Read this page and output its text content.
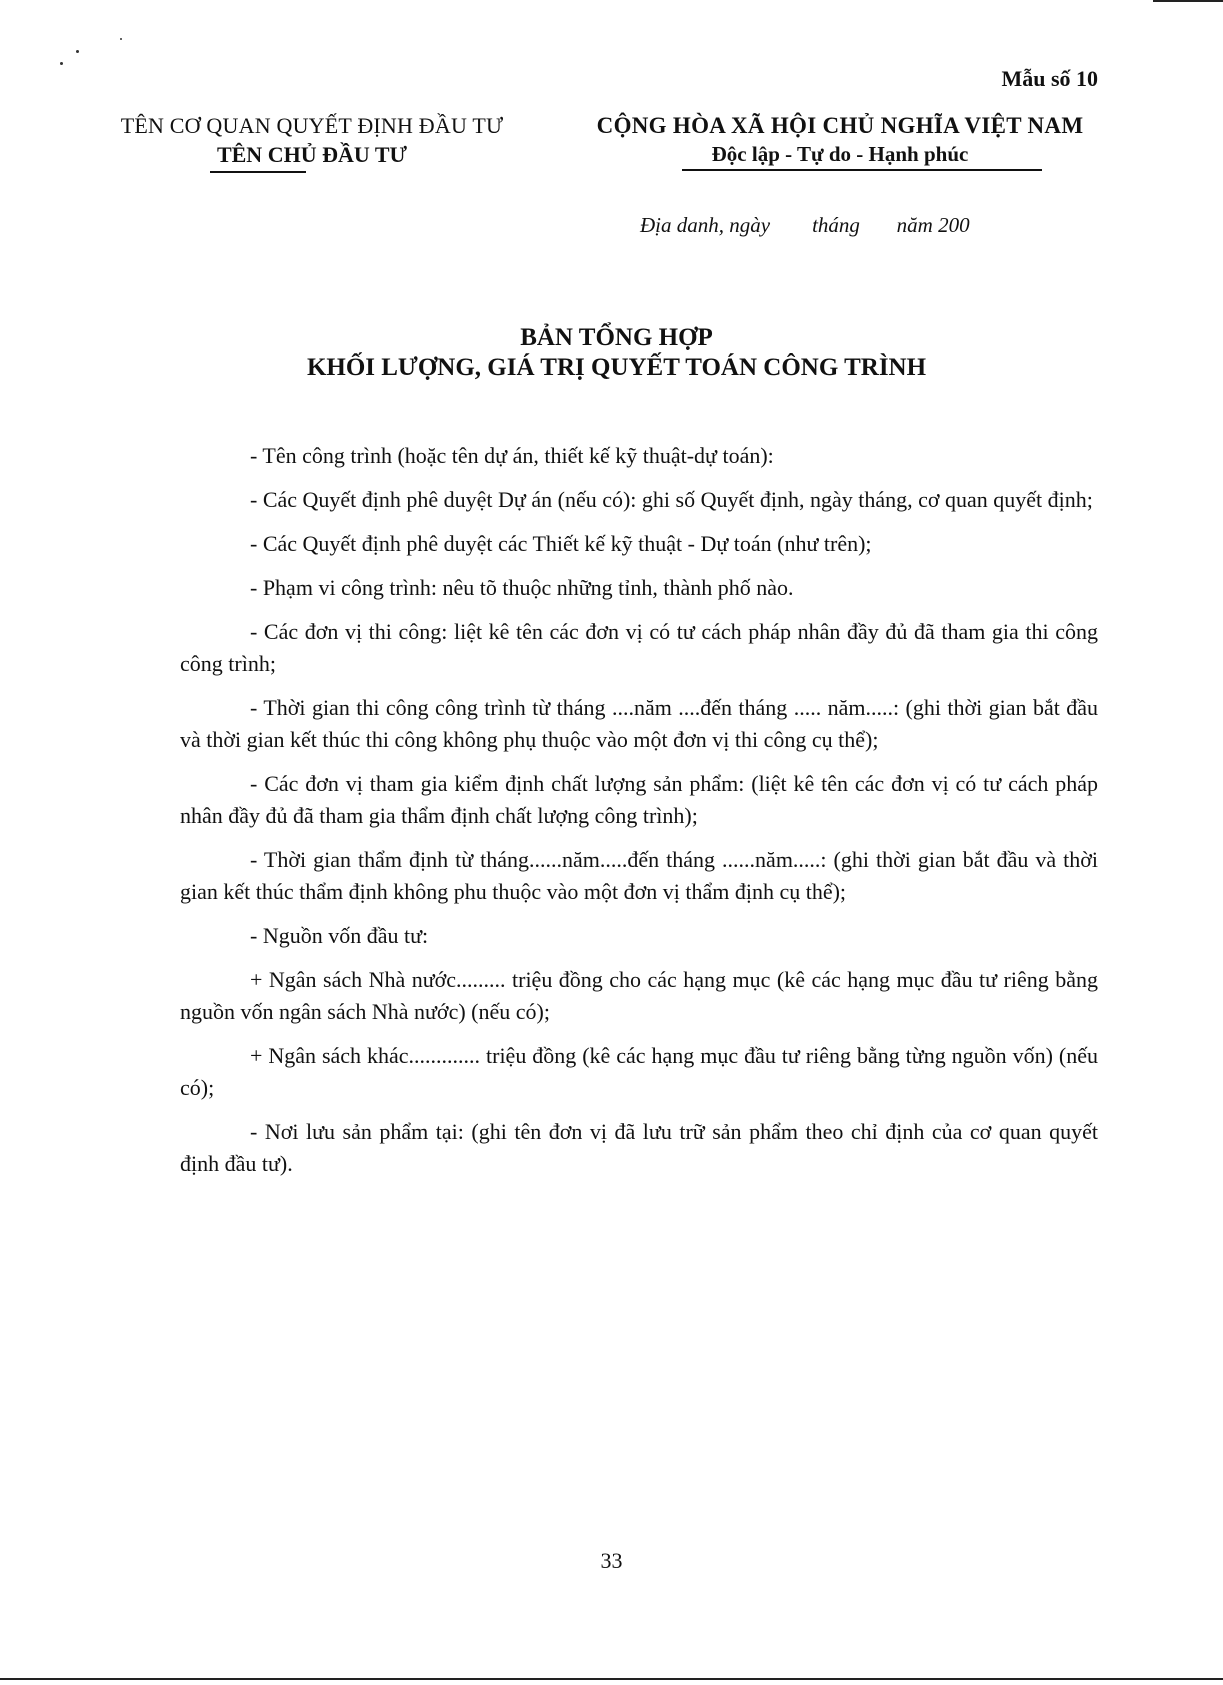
Mẫu số 10
TÊN CƠ QUAN QUYẾT ĐỊNH ĐẦU TƯ
TÊN CHỦ ĐẦU TƯ
CỘNG HÒA XÃ HỘI CHỦ NGHĨA VIỆT NAM
Độc lập - Tự do - Hạnh phúc
Địa danh, ngày        tháng       năm 200
BẢN TỔNG HỢP
KHỐI LƯỢNG, GIÁ TRỊ QUYẾT TOÁN CÔNG TRÌNH

- Tên công trình (hoặc tên dự án, thiết kế kỹ thuật-dự toán):

- Các Quyết định phê duyệt Dự án (nếu có): ghi số Quyết định, ngày tháng, cơ quan quyết định;

- Các Quyết định phê duyệt các Thiết kế kỹ thuật - Dự toán (như trên);

- Phạm vi công trình: nêu tõ thuộc những tỉnh, thành phố nào.

- Các đơn vị thi công: liệt kê tên các đơn vị có tư cách pháp nhân đầy đủ đã tham gia thi công công trình;

- Thời gian thi công công trình từ tháng ....năm ....đến tháng ..... năm.....: (ghi thời gian bắt đầu và thời gian kết thúc thi công không phụ thuộc vào một đơn vị thi công cụ thể);

- Các đơn vị tham gia kiểm định chất lượng sản phẩm: (liệt kê tên các đơn vị có tư cách pháp nhân đầy đủ đã tham gia thẩm định chất lượng công trình);

- Thời gian thẩm định từ tháng......năm.....đến tháng ......năm.....: (ghi thời gian bắt đầu và thời gian kết thúc thẩm định không phu thuộc vào một đơn vị thẩm định cụ thể);

- Nguồn vốn đầu tư:

+ Ngân sách Nhà nước......... triệu đồng cho các hạng mục (kê các hạng mục đầu tư riêng bằng nguồn vốn ngân sách Nhà nước) (nếu có);

+ Ngân sách khác............. triệu đồng (kê các hạng mục đầu tư riêng bằng từng nguồn vốn) (nếu có);

- Nơi lưu sản phẩm tại: (ghi tên đơn vị đã lưu trữ sản phẩm theo chỉ định của cơ quan quyết định đầu tư).

33
